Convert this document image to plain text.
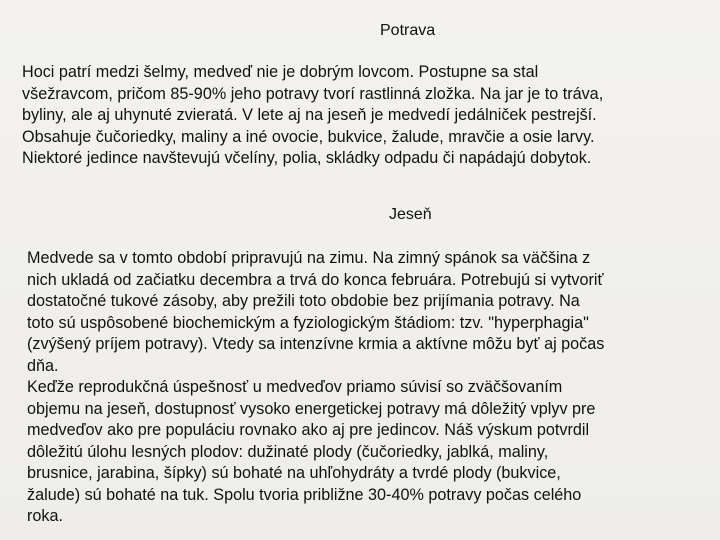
Potrava

Hoci patrí medzi šelmy, medveď nie je dobrým lovcom. Postupne sa stal
všežravcom, pričom 85-90% jeho potravy tvorí rastlinná zložka. Na jar je to tráva,
byliny, ale aj uhynuté zvieratá. V lete aj na jeseň je medvedí jedálniček pestrejší.
Obsahuje čučoriedky, maliny a iné ovocie, bukvice, žalude, mravčie a osie larvy.
Niektoré jedince navštevujú včelíny, polia, skládky odpadu či napádajú dobytok.

Jeseň

Medvede sa v tomto období pripravujú na zimu. Na zimný spánok sa väčšina z
nich ukladá od začiatku decembra a trvá do konca februára. Potrebujú si vytvoriť
dostatočné tukové zásoby, aby prežili toto obdobie bez prijímania potravy. Na
toto sú uspôsobené biochemickým a fyziologickým štádiom: tzv. "hyperphagia"
(zvýšený príjem potravy). Vtedy sa intenzívne krmia a aktívne môžu byť aj počas
dňa.
Keďže reprodukčná úspešnosť u medveďov priamo súvisí so zväčšovaním
objemu na jeseň, dostupnosť vysoko energetickej potravy má dôležitý vplyv pre
medveďov ako pre populáciu rovnako ako aj pre jedincov. Náš výskum potvrdil
dôležitú úlohu lesných plodov: dužinaté plody (čučoriedky, jablká, maliny,
brusnice, jarabina, šípky) sú bohaté na uhľohydráty a tvrdé plody (bukvice,
žalude) sú bohaté na tuk. Spolu tvoria približne 30-40% potravy počas celého
roka.
